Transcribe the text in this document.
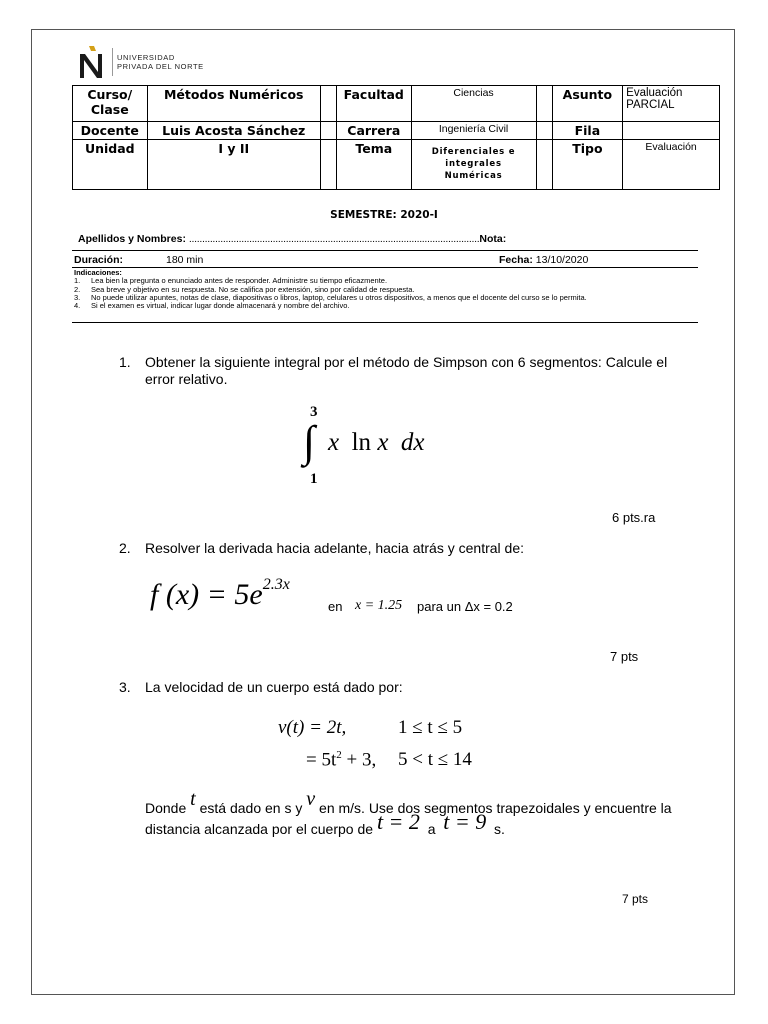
UNIVERSIDAD
PRIVADA DEL NORTE
Curso/ Clase	Métodos Numéricos		Facultad	Ciencias		Asunto	Evaluación PARCIAL
Docente	Luis Acosta Sánchez		Carrera	Ingeniería Civil		Fila	
Unidad	I y II		Tema	Diferenciales e integrales Numéricas		Tipo	Evaluación
SEMESTRE: 2020-I
Apellidos y Nombres: ...............................................................................................................Nota:
Duración:	180 min	Fecha: 13/10/2020
Indicaciones:
1.	Lea bien la pregunta o enunciado antes de responder. Administre su tiempo eficazmente.
2.	Sea breve y objetivo en su respuesta. No se califica por extensión, sino por calidad de respuesta.
3.	No puede utilizar apuntes, notas de clase, diapositivas o libros, laptop, celulares u otros dispositivos, a menos que el docente del curso se lo permita.
4.	Si el examen es virtual, indicar lugar donde almacenará y nombre del archivo.
1. Obtener la siguiente integral por el método de Simpson con 6 segmentos: Calcule el
error relativo.
3
∫
1
x ln x dx
6 pts.ra
2. Resolver la derivada hacia adelante, hacia atrás y central de:
f $(x) = 5e^{2.3x}$
en x = 1.25 para un Δx = 0.2
7 pts
3. La velocidad de un cuerpo está dado por:
v(t) = 2t,	1 ≤ t ≤ 5
= $5t^2 + 3$, 5 < t ≤ 14
Donde t está dado en s y v en m/s. Use dos segmentos trapezoidales y encuentre la
distancia alcanzada por el cuerpo de t = 2 a t = 9 s.
7 pts
